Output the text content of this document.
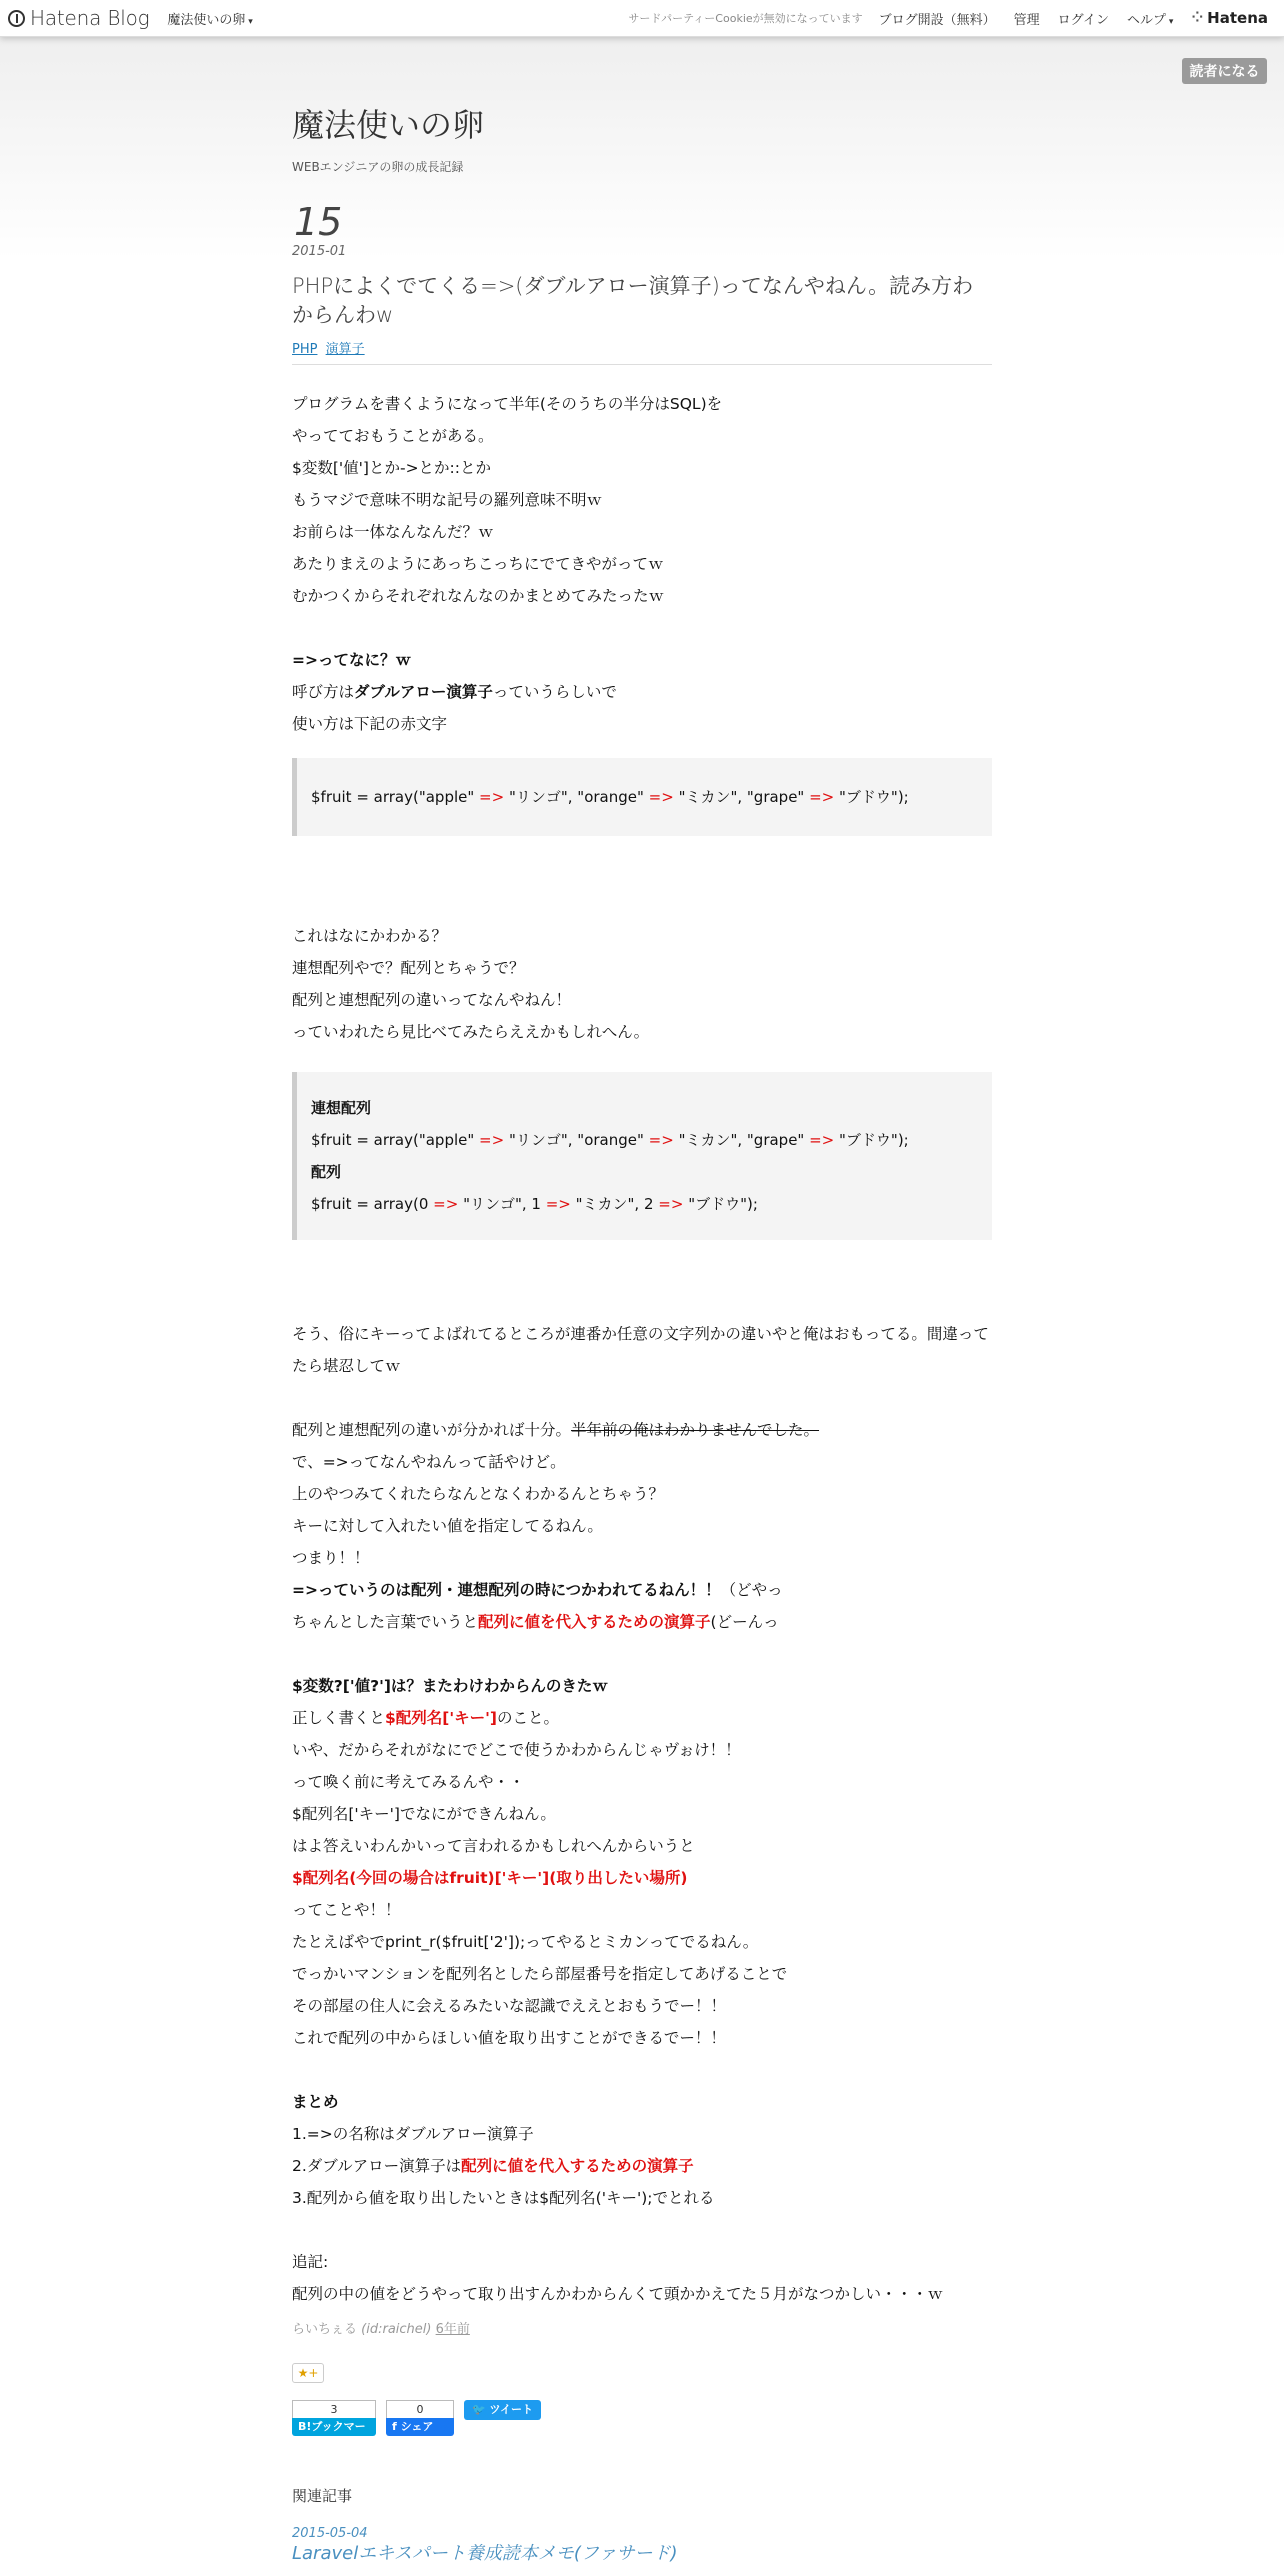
Hatena Blog 魔法使いの卵 ▾	サードパーティーCookieが無効になっています ブログ開設（無料） 管理 ログイン ヘルプ ▾	⁘ Hatena
読者になる
魔法使いの卵
WEBエンジニアの卵の成長記録
15
2015-01
PHPによくでてくる=>(ダブルアロー演算子)ってなんやねん。読み方わからんわw
PHP 演算子

プログラムを書くようになって半年(そのうちの半分はSQL)を

やってておもうことがある。

$変数['値']とか->とか::とか

もうマジで意味不明な記号の羅列意味不明ｗ

お前らは一体なんなんだ？ｗ

あたりまえのようにあっちこっちにでてきやがってｗ

むかつくからそれぞれなんなのかまとめてみたったｗ

=>ってなに？ｗ

呼び方はダブルアロー演算子っていうらしいで

使い方は下記の赤文字

$fruit = array("apple" => "リンゴ", "orange" => "ミカン", "grape" => "ブドウ");

これはなにかわかる？

連想配列やで？配列とちゃうで？

配列と連想配列の違いってなんやねん！

っていわれたら見比べてみたらええかもしれへん。

連想配列

$fruit = array("apple" => "リンゴ", "orange" => "ミカン", "grape" => "ブドウ");

配列

$fruit = array(0 => "リンゴ", 1 => "ミカン", 2 => "ブドウ");

そう、俗にキーってよばれてるところが連番か任意の文字列かの違いやと俺はおもってる。間違ってたら堪忍してｗ

配列と連想配列の違いが分かれば十分。半年前の俺はわかりませんでした。

で、=>ってなんやねんって話やけど。

上のやつみてくれたらなんとなくわかるんとちゃう？

キーに対して入れたい値を指定してるねん。

つまり！！

=>っていうのは配列・連想配列の時につかわれてるねん！！（どやっ

ちゃんとした言葉でいうと配列に値を代入するための演算子(どーんっ

$変数?['値?']は？またわけわからんのきたｗ

正しく書くと$配列名['キー']のこと。

いや、だからそれがなにでどこで使うかわからんじゃヴぉけ！！

って喚く前に考えてみるんや・・

$配列名['キー']でなにができんねん。

はよ答えいわんかいって言われるかもしれへんからいうと

$配列名(今回の場合はfruit)['キー'](取り出したい場所)

ってことや！！

たとえばやでprint_r($fruit['2']);ってやるとミカンってでるねん。

でっかいマンションを配列名としたら部屋番号を指定してあげることで

その部屋の住人に会えるみたいな認識でええとおもうでー！！

これで配列の中からほしい値を取り出すことができるでー！！

まとめ

1.=>の名称はダブルアロー演算子

2.ダブルアロー演算子は配列に値を代入するための演算子

3.配列から値を取り出したいときは$配列名('キー');でとれる

追記:

配列の中の値をどうやって取り出すんかわからんくて頭かかえてた５月がなつかしい・・・ｗ

らいちぇる (id:raichel) 6年前
★+
3
B!ブックマーク
0
f シェア
🐦 ツイート
関連記事
2015-05-04
Laravelエキスパート養成読本メモ(ファサード)
